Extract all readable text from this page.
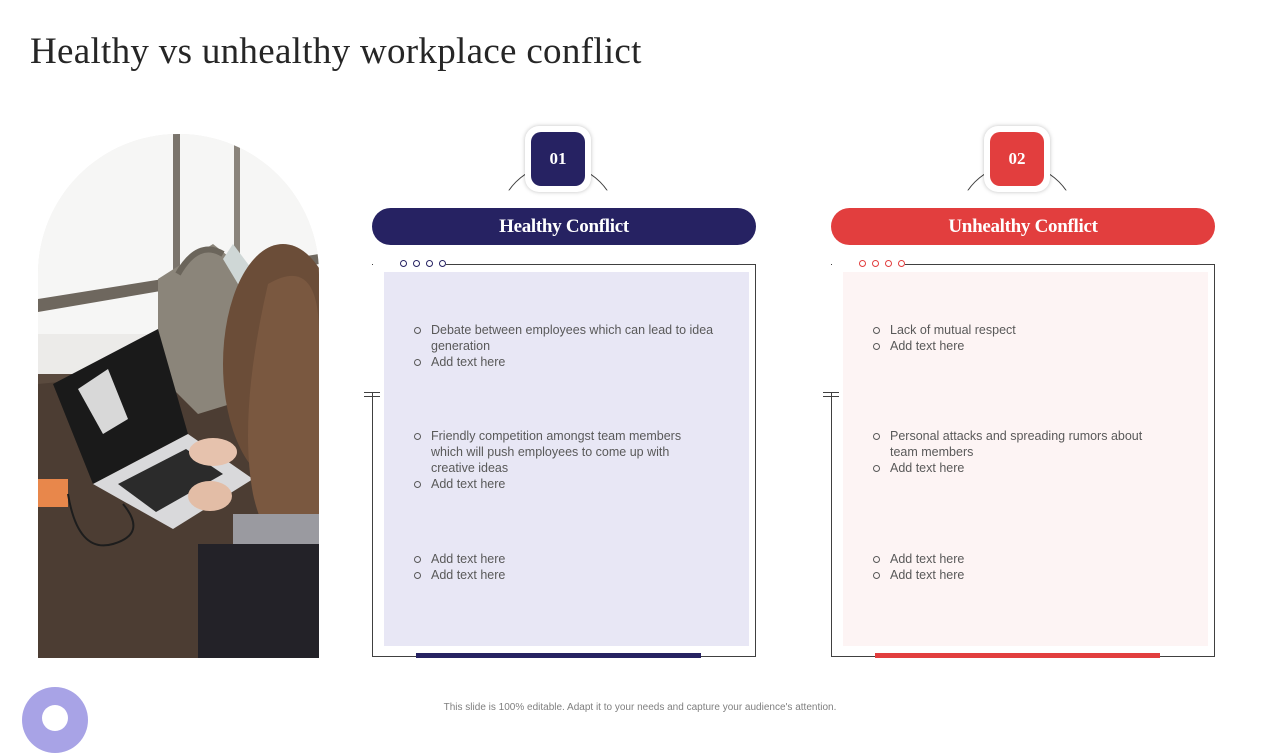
Healthy vs unhealthy workplace conflict
01
Healthy Conflict
Debate between employees which can lead to idea generation
Add text here
Friendly competition amongst team members which will push employees to come up with creative ideas
Add text here
Add text here
Add text here
02
Unhealthy Conflict
Lack of mutual respect
Add text here
Personal attacks and spreading rumors about team members
Add text here
Add text here
Add text here
This slide is 100% editable. Adapt it to your needs and capture your audience's attention.
